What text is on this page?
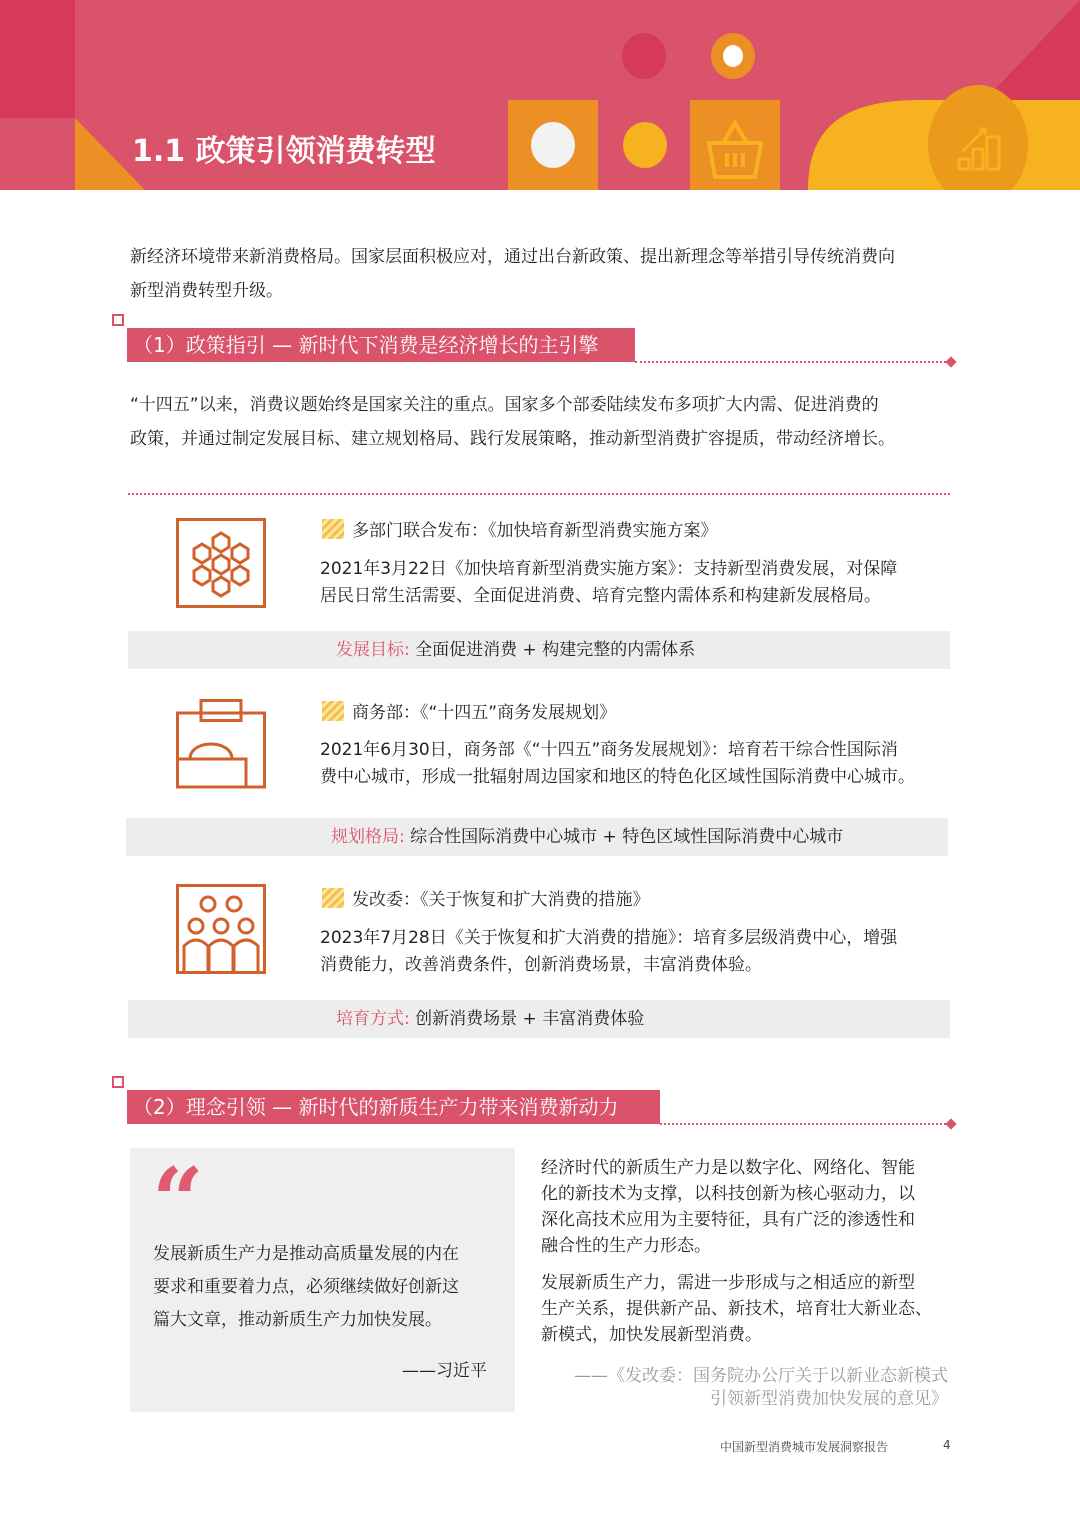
1.1 政策引领消费转型
新经济环境带来新消费格局。国家层面积极应对，通过出台新政策、提出新理念等举措引导传统消费向
新型消费转型升级。
（1）政策指引 — 新时代下消费是经济增长的主引擎
“十四五”以来，消费议题始终是国家关注的重点。国家多个部委陆续发布多项扩大内需、促进消费的
政策，并通过制定发展目标、建立规划格局、践行发展策略，推动新型消费扩容提质，带动经济增长。
多部门联合发布：《加快培育新型消费实施方案》
2021年3月22日《加快培育新型消费实施方案》：支持新型消费发展，对保障
居民日常生活需要、全面促进消费、培育完整内需体系和构建新发展格局。
发展目标: 全面促进消费 + 构建完整的内需体系
商务部：《“十四五”商务发展规划》
2021年6月30日，商务部《“十四五”商务发展规划》：培育若干综合性国际消
费中心城市，形成一批辐射周边国家和地区的特色化区域性国际消费中心城市。
规划格局: 综合性国际消费中心城市 + 特色区域性国际消费中心城市
发改委：《关于恢复和扩大消费的措施》
2023年7月28日《关于恢复和扩大消费的措施》：培育多层级消费中心，增强
消费能力，改善消费条件，创新消费场景，丰富消费体验。
培育方式: 创新消费场景 + 丰富消费体验
（2）理念引领 — 新时代的新质生产力带来消费新动力
“
发展新质生产力是推动高质量发展的内在
要求和重要着力点，必须继续做好创新这
篇大文章，推动新质生产力加快发展。
——习近平
经济时代的新质生产力是以数字化、网络化、智能
化的新技术为支撑，以科技创新为核心驱动力，以
深化高技术应用为主要特征，具有广泛的渗透性和
融合性的生产力形态。
发展新质生产力，需进一步形成与之相适应的新型
生产关系，提供新产品、新技术，培育壮大新业态、
新模式，加快发展新型消费。
——《发改委：国务院办公厅关于以新业态新模式
引领新型消费加快发展的意见》
中国新型消费城市发展洞察报告	4
